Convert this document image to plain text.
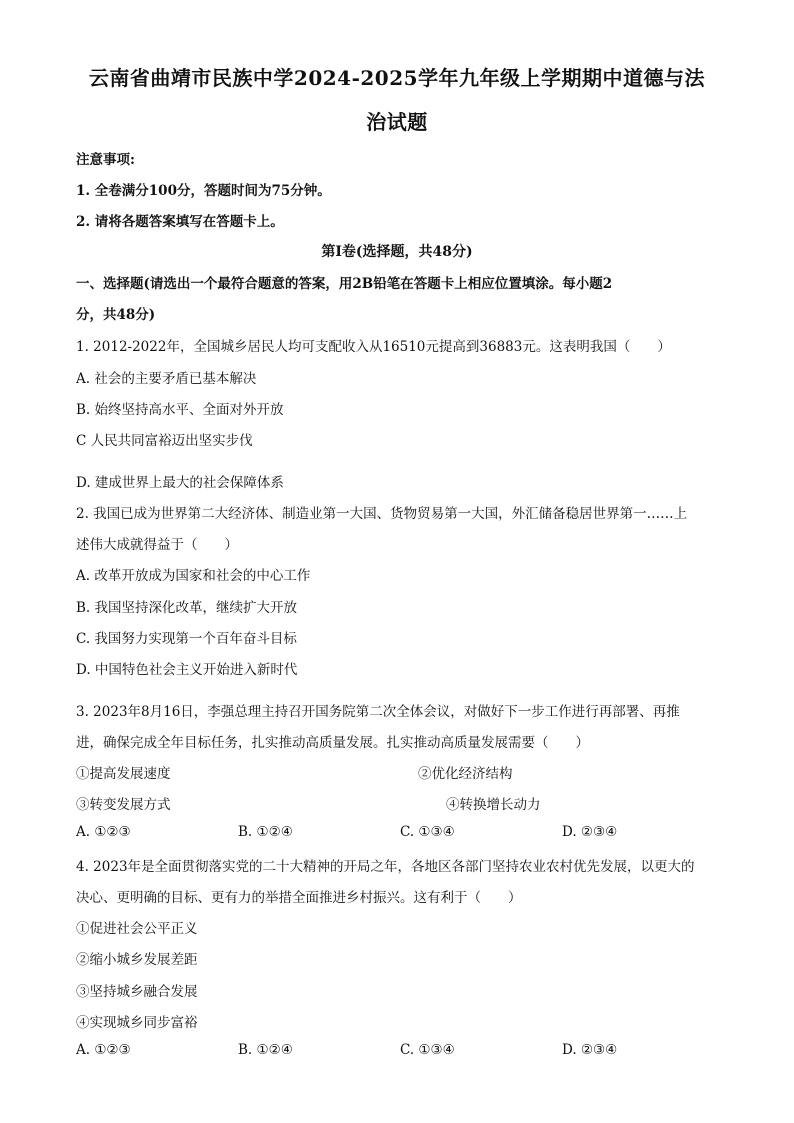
云南省曲靖市民族中学2024-2025学年九年级上学期期中道德与法
治试题
注意事项:
1. 全卷满分100分，答题时间为75分钟。
2. 请将各题答案填写在答题卡上。
第Ⅰ卷(选择题，共48分)
一、选择题(请选出一个最符合题意的答案，用2B铅笔在答题卡上相应位置填涂。每小题2
分，共48分)
1. 2012-2022年，全国城乡居民人均可支配收入从16510元提高到36883元。这表明我国（　　）
A. 社会的主要矛盾已基本解决
B. 始终坚持高水平、全面对外开放
C 人民共同富裕迈出坚实步伐
D. 建成世界上最大的社会保障体系
2. 我国已成为世界第二大经济体、制造业第一大国、货物贸易第一大国，外汇储备稳居世界第一……上
述伟大成就得益于（　　）
A. 改革开放成为国家和社会的中心工作
B. 我国坚持深化改革，继续扩大开放
C. 我国努力实现第一个百年奋斗目标
D. 中国特色社会主义开始进入新时代
3. 2023年8月16日，李强总理主持召开国务院第二次全体会议，对做好下一步工作进行再部署、再推
进，确保完成全年目标任务，扎实推动高质量发展。扎实推动高质量发展需要（　　）
①提高发展速度	②优化经济结构
③转变发展方式	④转换增长动力
A. ①②③	B. ①②④	C. ①③④	D. ②③④
4. 2023年是全面贯彻落实党的二十大精神的开局之年，各地区各部门坚持农业农村优先发展，以更大的
决心、更明确的目标、更有力的举措全面推进乡村振兴。这有利于（　　）
①促进社会公平正义
②缩小城乡发展差距
③坚持城乡融合发展
④实现城乡同步富裕
A. ①②③	B. ①②④	C. ①③④	D. ②③④
